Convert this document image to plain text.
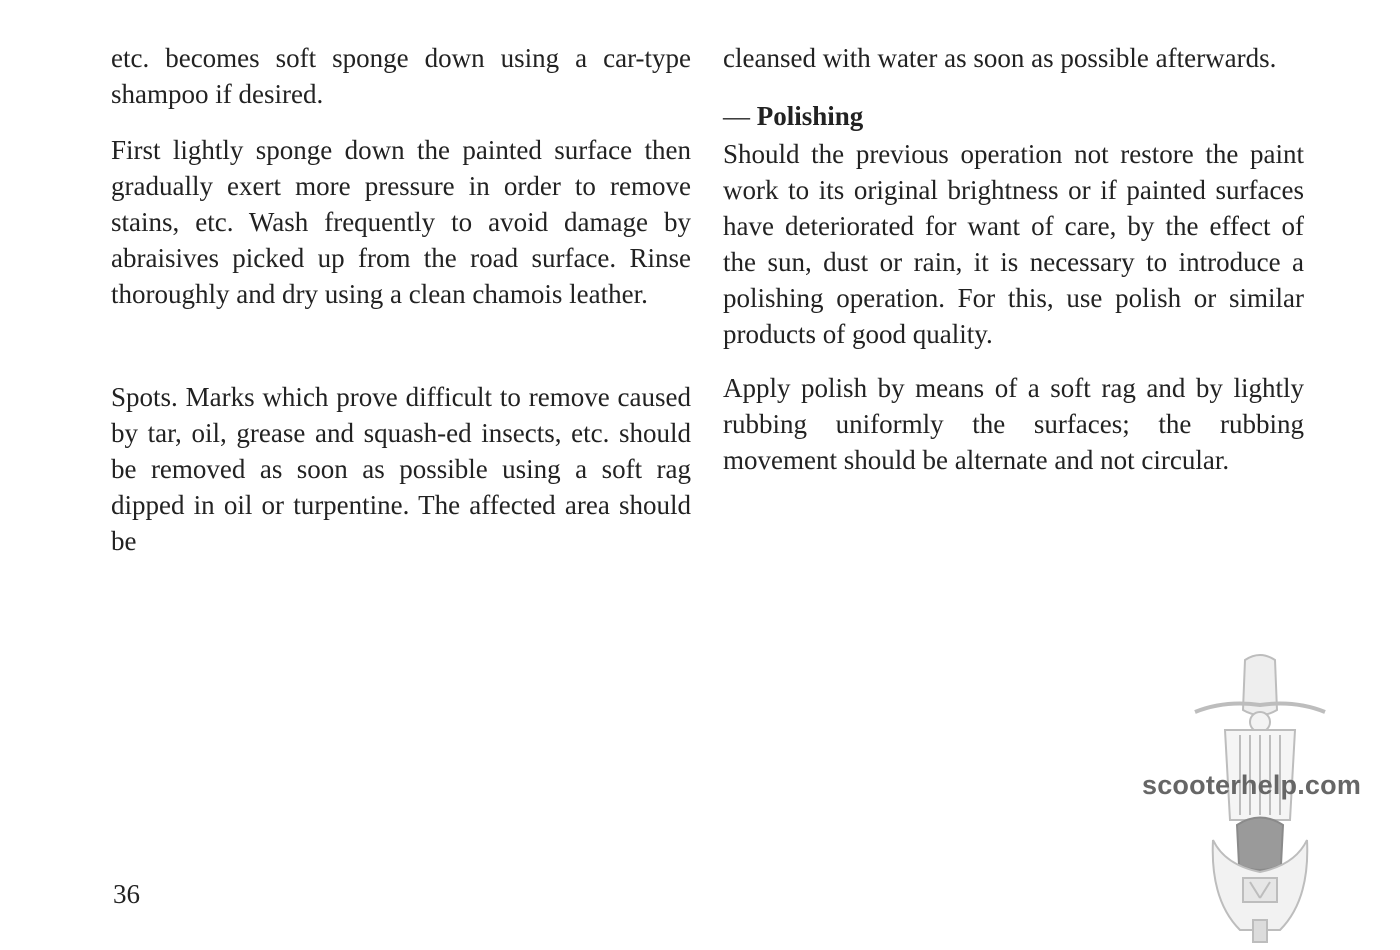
etc. becomes soft sponge down using a car-type shampoo if desired.

First lightly sponge down the painted surface then gradually exert more pressure in order to remove stains, etc. Wash frequently to avoid damage by abraisives picked up from the road surface. Rinse thoroughly and dry using a clean chamois leather.

Spots. Marks which prove difficult to remove caused by tar, oil, grease and squash-ed insects, etc. should be removed as soon as possible using a soft rag dipped in oil or turpentine. The affected area should be

cleansed with water as soon as possible afterwards.

— Polishing

Should the previous operation not restore the paint work to its original brightness or if painted surfaces have deteriorated for want of care, by the effect of the sun, dust or rain, it is necessary to introduce a polishing operation. For this, use polish or similar products of good quality.

Apply polish by means of a soft rag and by lightly rubbing uniformly the surfaces; the rubbing movement should be alternate and not circular.

36
scooterhelp.com
